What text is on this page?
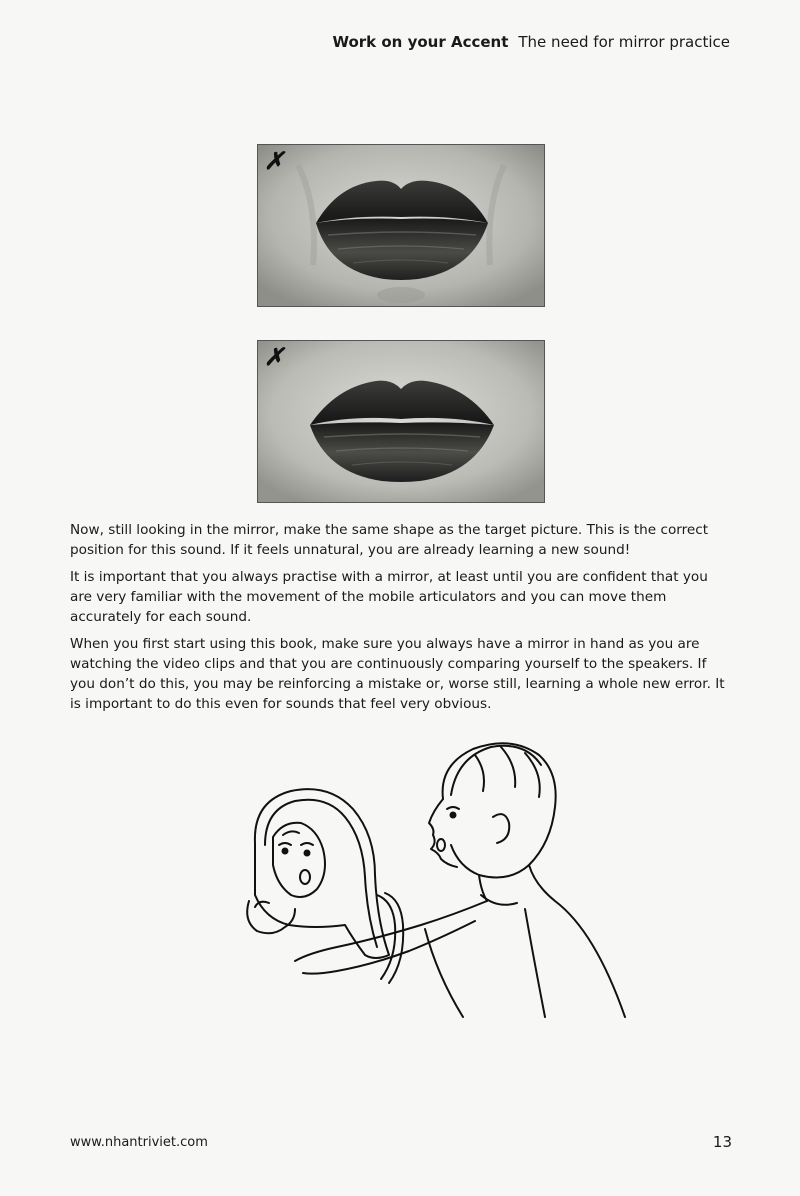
Work on your Accent The need for mirror practice
✗
✗

Now, still looking in the mirror, make the same shape as the target picture. This is the correct position for this sound. If it feels unnatural, you are already learning a new sound!

It is important that you always practise with a mirror, at least until you are confident that you are very familiar with the movement of the mobile articulators and you can move them accurately for each sound.

When you first start using this book, make sure you always have a mirror in hand as you are watching the video clips and that you are continuously comparing yourself to the speakers. If you don’t do this, you may be reinforcing a mistake or, worse still, learning a whole new error. It is important to do this even for sounds that feel very obvious.

www.nhantriviet.com	13
